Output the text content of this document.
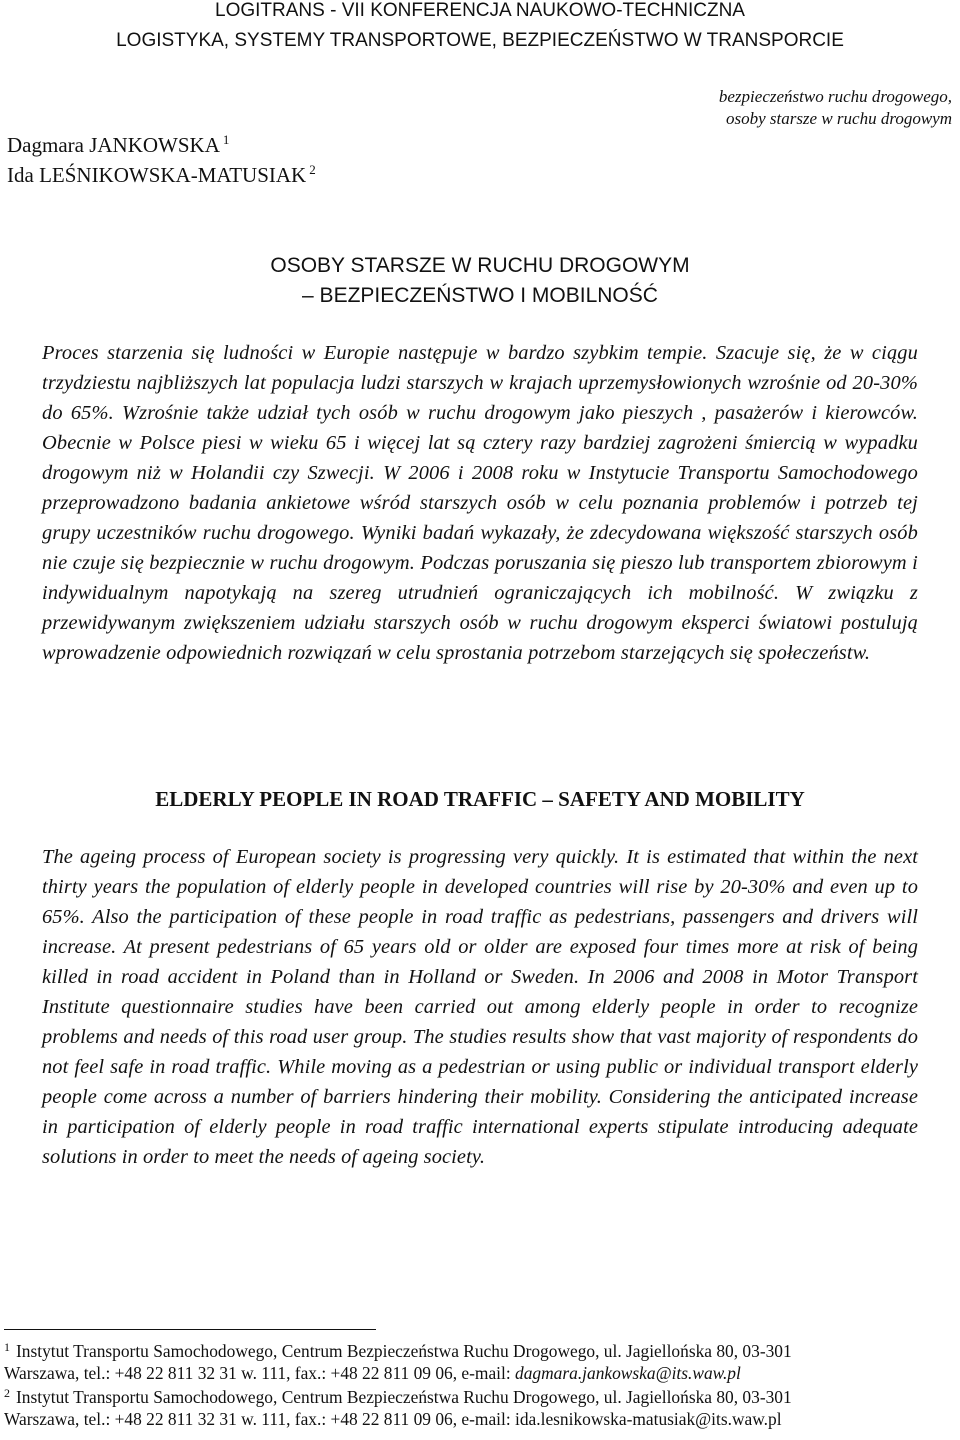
LOGITRANS - VII KONFERENCJA NAUKOWO-TECHNICZNA
LOGISTYKA, SYSTEMY TRANSPORTOWE, BEZPIECZEŃSTWO W TRANSPORCIE
bezpieczeństwo ruchu drogowego,
osoby starsze w ruchu drogowym
Dagmara JANKOWSKA $^1$
Ida LEŚNIKOWSKA-MATUSIAK $^2$
OSOBY STARSZE W RUCHU DROGOWYM
– BEZPIECZEŃSTWO I MOBILNOŚĆ
Proces starzenia się ludności w Europie następuje w bardzo szybkim tempie. Szacuje się, że w ciągu trzydziestu najbliższych lat populacja ludzi starszych w krajach uprzemysłowionych wzrośnie od 20-30% do 65%. Wzrośnie także udział tych osób w ruchu drogowym jako pieszych , pasażerów i kierowców. Obecnie w Polsce piesi w wieku 65 i więcej lat są cztery razy bardziej zagrożeni śmiercią w wypadku drogowym niż w Holandii czy Szwecji. W 2006 i 2008 roku w Instytucie Transportu Samochodowego przeprowadzono badania ankietowe wśród starszych osób w celu poznania problemów i potrzeb tej grupy uczestników ruchu drogowego. Wyniki badań wykazały, że zdecydowana większość starszych osób nie czuje się bezpiecznie w ruchu drogowym. Podczas poruszania się pieszo lub transportem zbiorowym i indywidualnym napotykają na szereg utrudnień ograniczających ich mobilność. W związku z przewidywanym zwiększeniem udziału starszych osób w ruchu drogowym eksperci światowi postulują wprowadzenie odpowiednich rozwiązań w celu sprostania potrzebom starzejących się społeczeństw.
ELDERLY PEOPLE IN ROAD TRAFFIC – SAFETY AND MOBILITY
The ageing process of European society is progressing very quickly. It is estimated that within the next thirty years the population of elderly people in developed countries will rise by 20-30% and even up to 65%. Also the participation of these people in road traffic as pedestrians, passengers and drivers will increase. At present pedestrians of 65 years old or older are exposed four times more at risk of being killed in road accident in Poland than in Holland or Sweden. In 2006 and 2008 in Motor Transport Institute questionnaire studies have been carried out among elderly people in order to recognize problems and needs of this road user group. The studies results show that vast majority of respondents do not feel safe in road traffic. While moving as a pedestrian or using public or individual transport elderly people come across a number of barriers hindering their mobility. Considering the anticipated increase in participation of elderly people in road traffic international experts stipulate introducing adequate solutions in order to meet the needs of ageing society.
$^1$ Instytut Transportu Samochodowego, Centrum Bezpieczeństwa Ruchu Drogowego, ul. Jagiellońska 80, 03-301
Warszawa, tel.: +48 22 811 32 31 w. 111, fax.: +48 22 811 09 06, e-mail: dagmara.jankowska@its.waw.pl
$^2$ Instytut Transportu Samochodowego, Centrum Bezpieczeństwa Ruchu Drogowego, ul. Jagiellońska 80, 03-301
Warszawa, tel.: +48 22 811 32 31 w. 111, fax.: +48 22 811 09 06, e-mail: ida.lesnikowska-matusiak@its.waw.pl
